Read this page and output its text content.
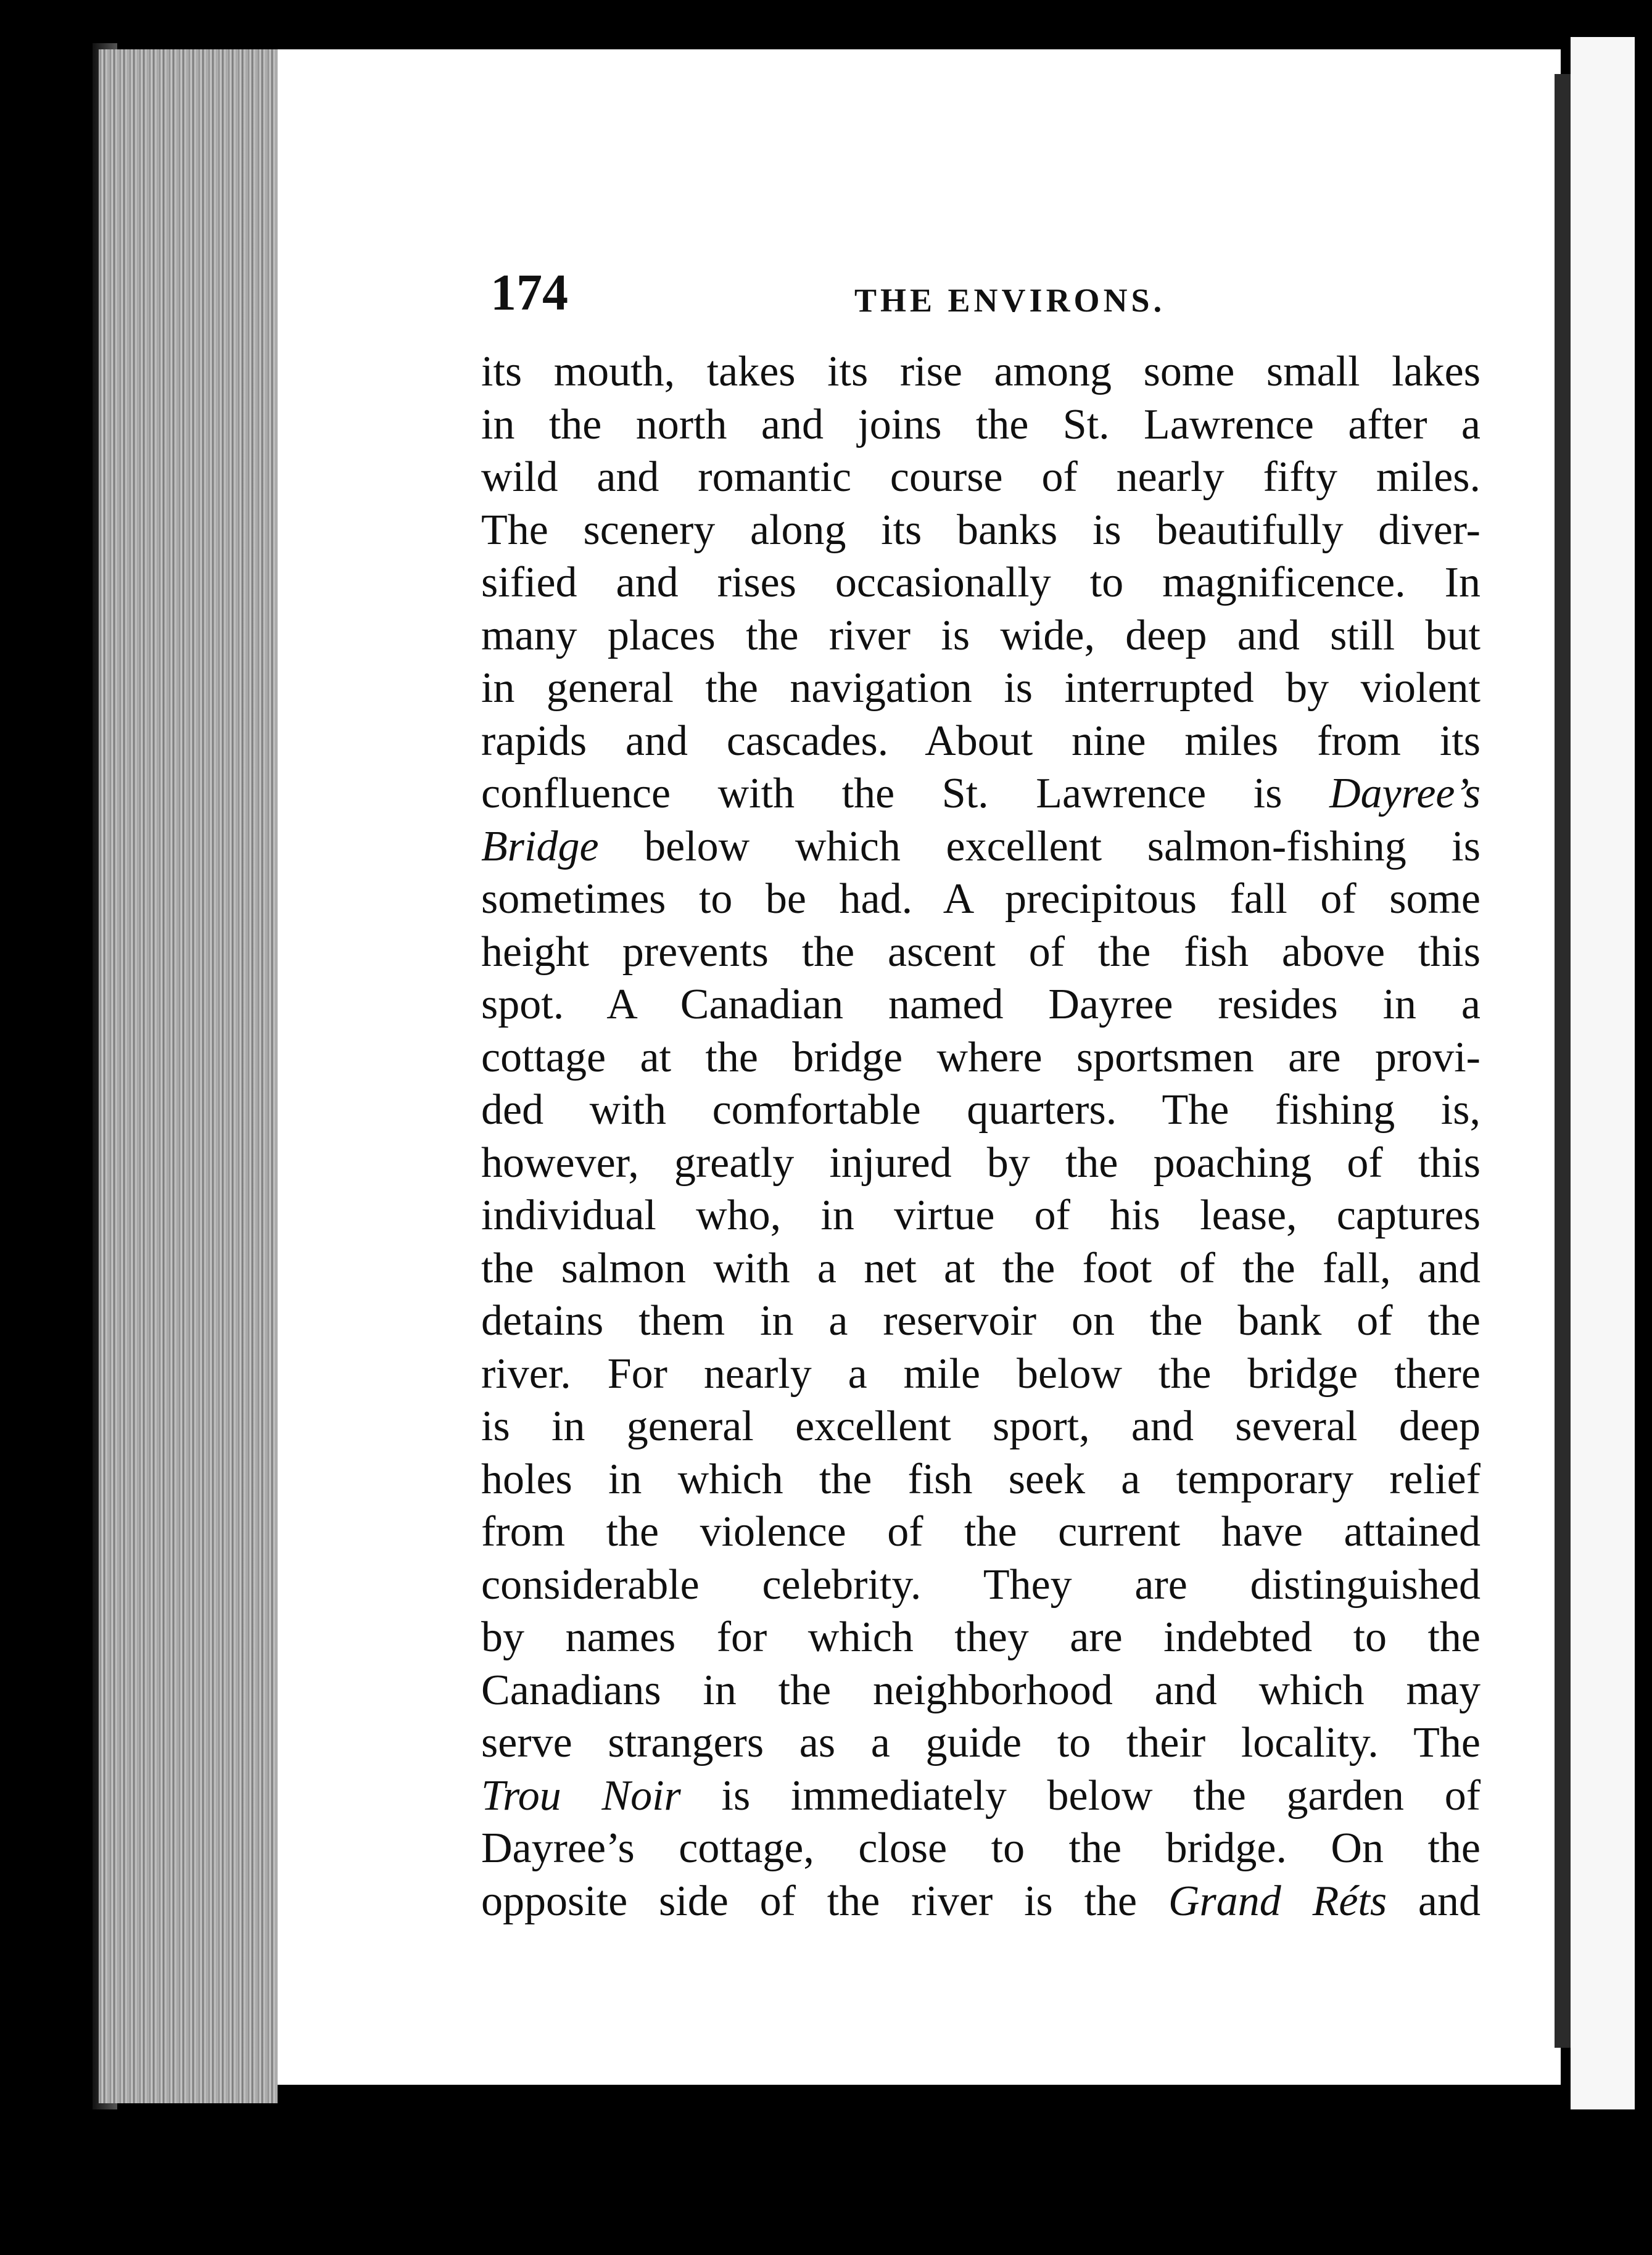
174	THE ENVIRONS.
its mouth, takes its rise among some small lakes
in the north and joins the St. Lawrence after a
wild and romantic course of nearly fifty miles.
The scenery along its banks is beautifully diver-
sified and rises occasionally to magnificence. In
many places the river is wide, deep and still but
in general the navigation is interrupted by violent
rapids and cascades. About nine miles from its
confluence with the St. Lawrence is Dayree’s
Bridge below which excellent salmon-fishing is
sometimes to be had. A precipitous fall of some
height prevents the ascent of the fish above this
spot. A Canadian named Dayree resides in a
cottage at the bridge where sportsmen are provi-
ded with comfortable quarters. The fishing is,
however, greatly injured by the poaching of this
individual who, in virtue of his lease, captures
the salmon with a net at the foot of the fall, and
detains them in a reservoir on the bank of the
river. For nearly a mile below the bridge there
is in general excellent sport, and several deep
holes in which the fish seek a temporary relief
from the violence of the current have attained
considerable celebrity. They are distinguished
by names for which they are indebted to the
Canadians in the neighborhood and which may
serve strangers as a guide to their locality. The
Trou Noir is immediately below the garden of
Dayree’s cottage, close to the bridge. On the
opposite side of the river is the Grand Réts and
